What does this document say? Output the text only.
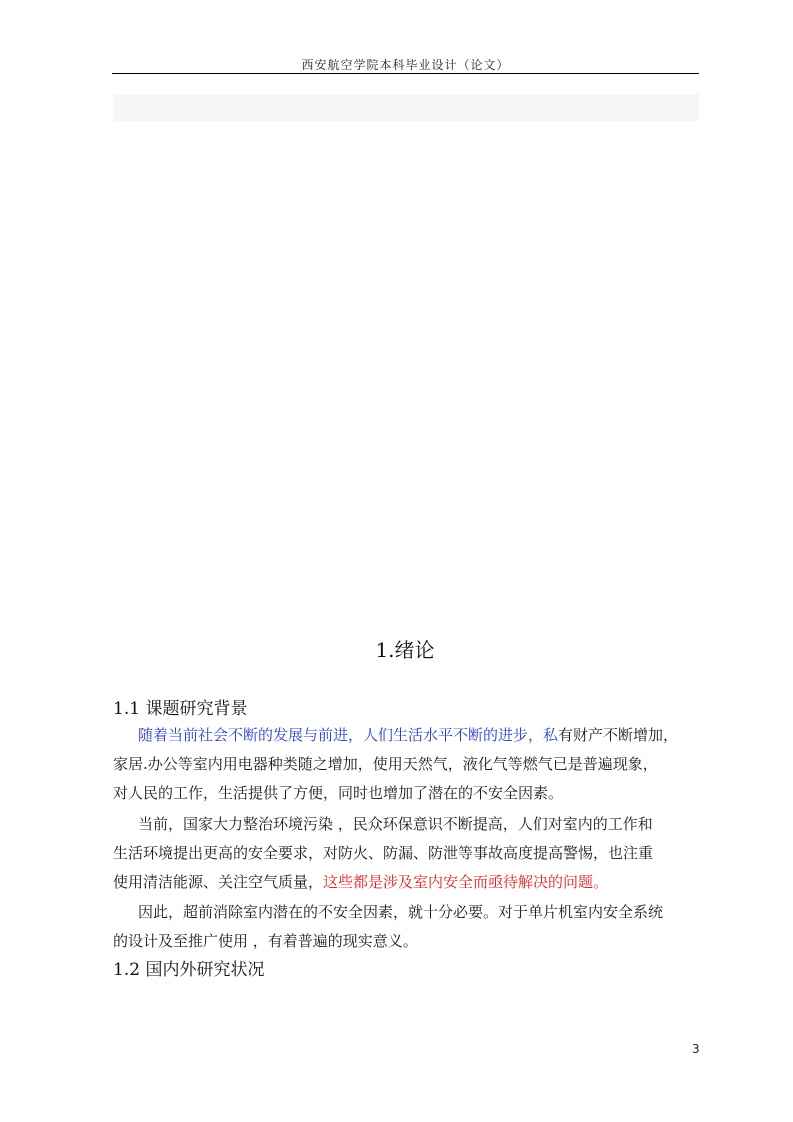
西安航空学院本科毕业设计（论文）
1.绪论
1.1 课题研究背景
随着当前社会不断的发展与前进，人们生活水平不断的进步，私有财产不断增加，
家居.办公等室内用电器种类随之增加，使用天然气，液化气等燃气已是普遍现象，
对人民的工作，生活提供了方便，同时也增加了潜在的不安全因素。
当前，国家大力整治环境污染 ，民众环保意识不断提高，人们对室内的工作和
生活环境提出更高的安全要求，对防火、防漏、防泄等事故高度提高警惕，也注重
使用清洁能源、关注空气质量，这些都是涉及室内安全而亟待解决的问题。
因此，超前消除室内潜在的不安全因素，就十分必要。对于单片机室内安全系统
的设计及至推广使用 ，有着普遍的现实意义。
1.2 国内外研究状况
3
